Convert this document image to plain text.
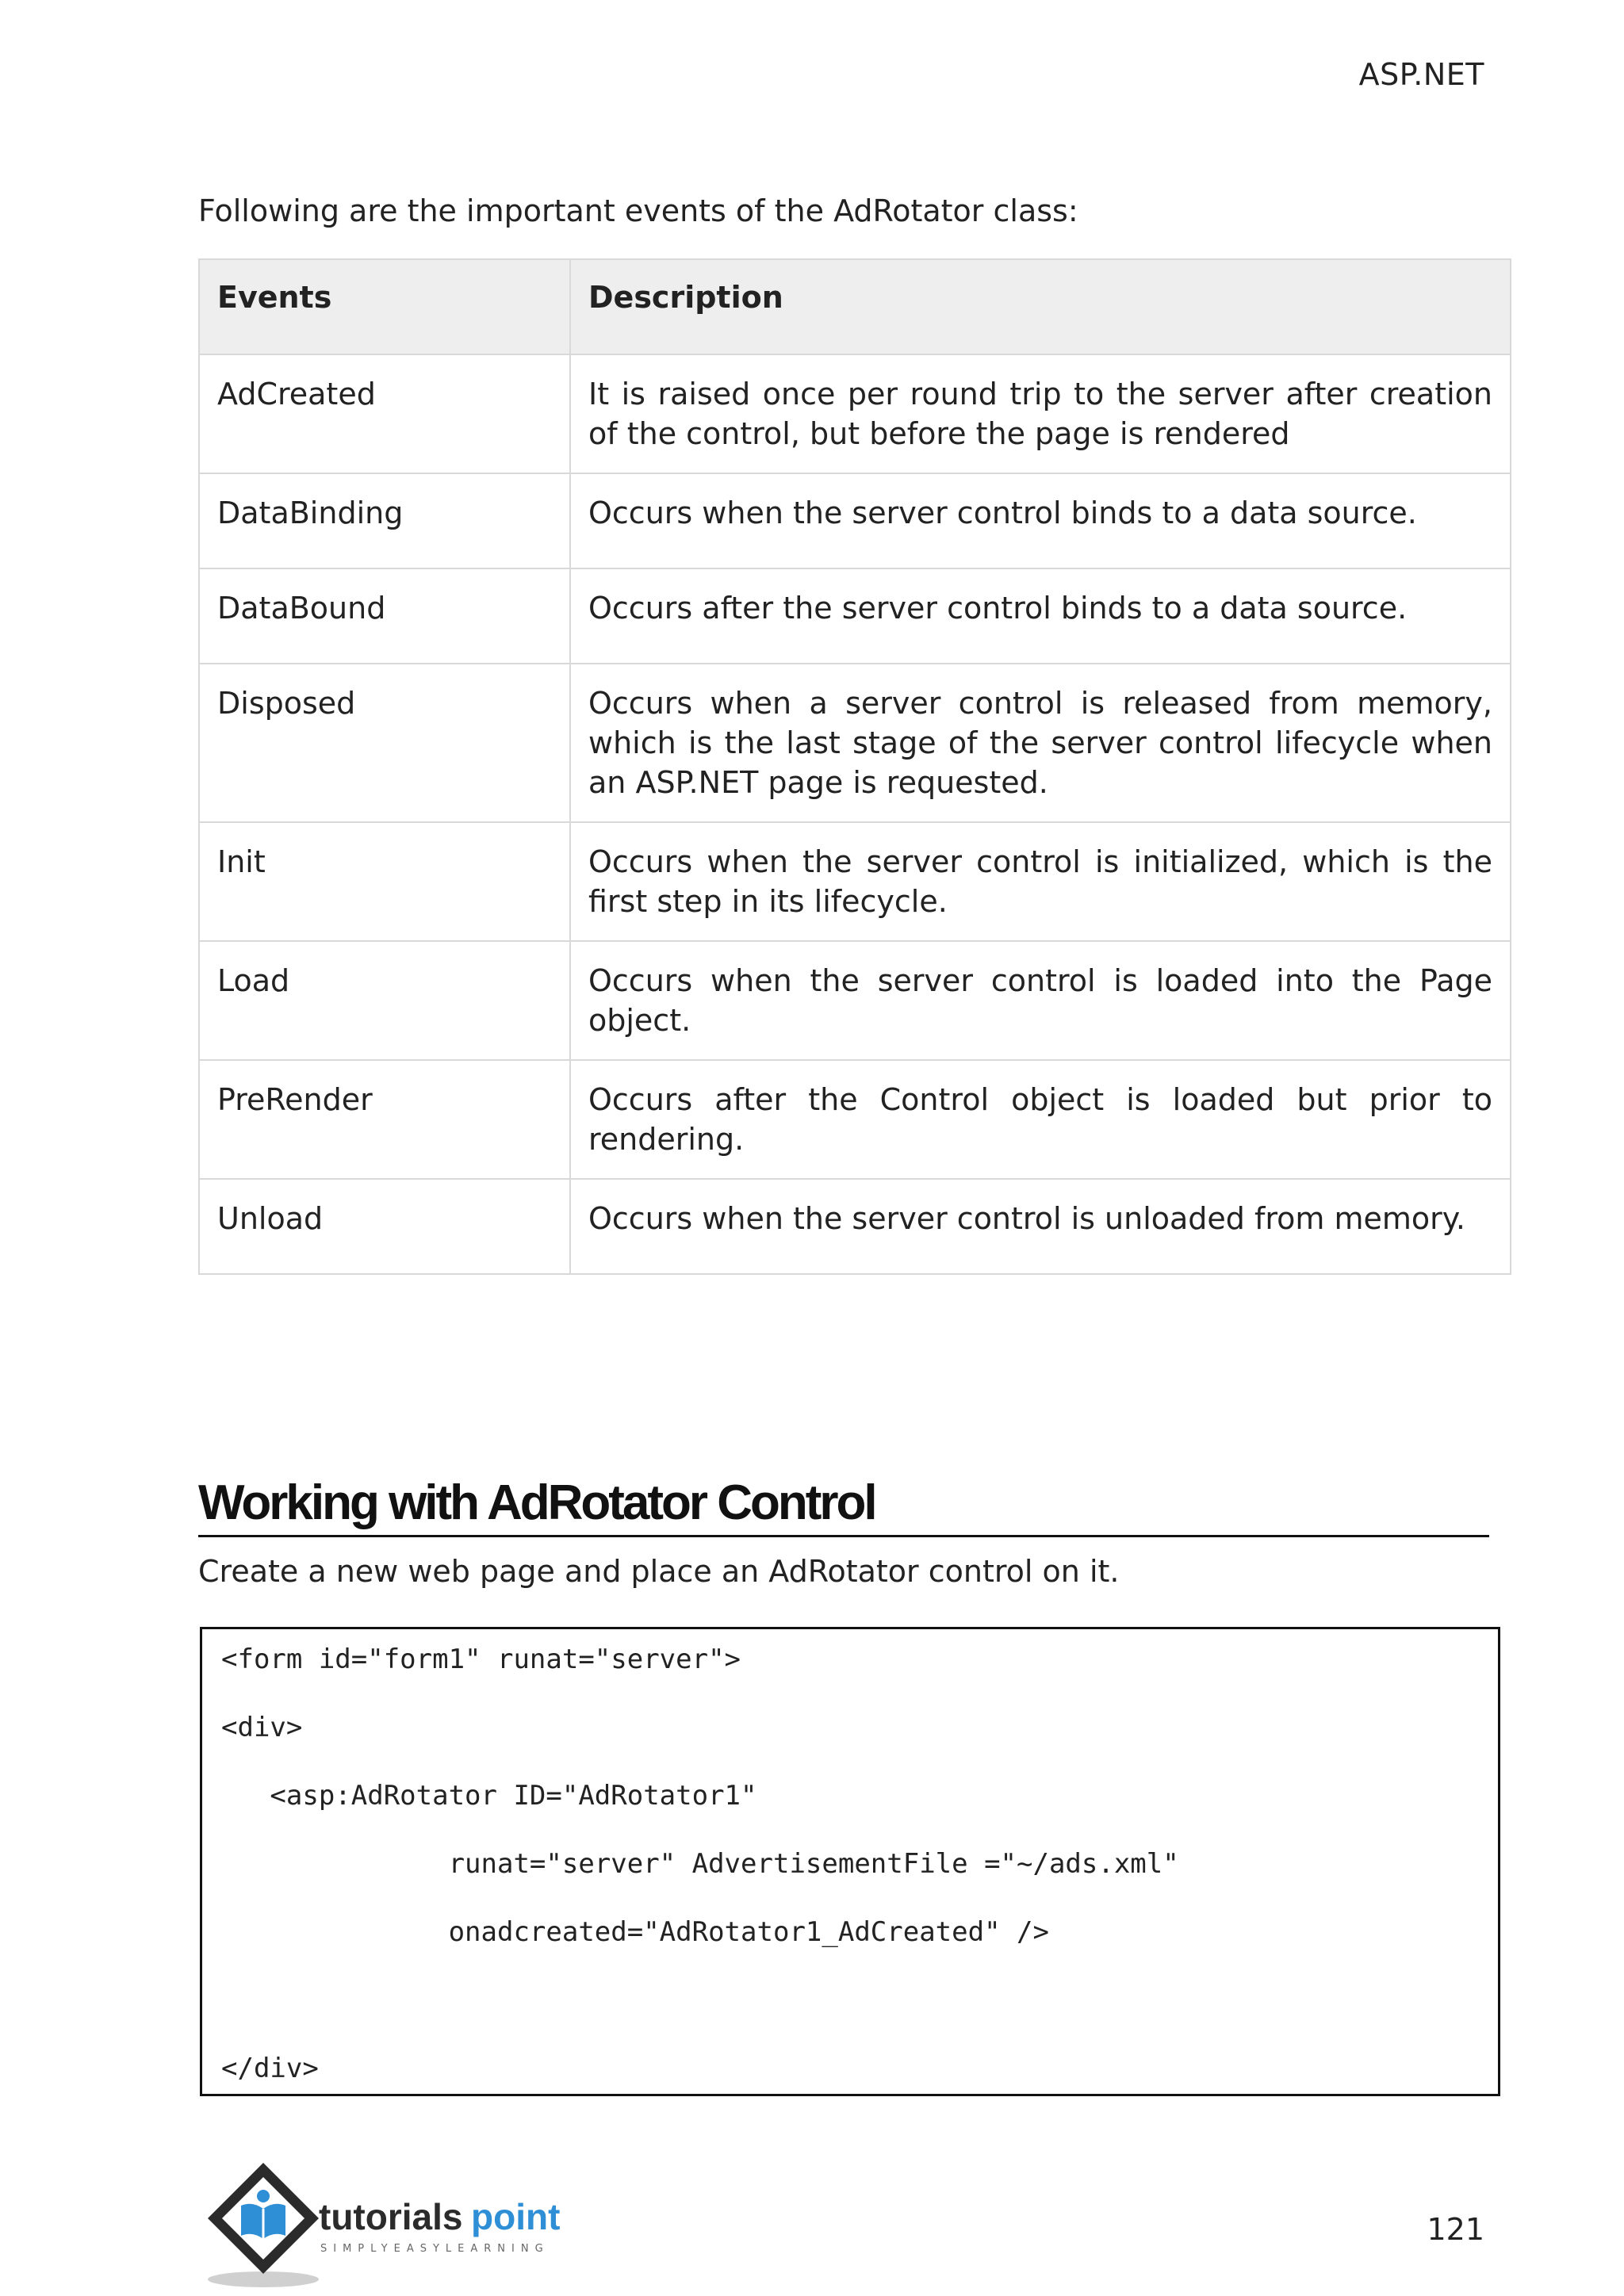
ASP.NET
Following are the important events of the AdRotator class:
Events	Description
AdCreated	It is raised once per round trip to the server after creation of the control, but before the page is rendered
DataBinding	Occurs when the server control binds to a data source.
DataBound	Occurs after the server control binds to a data source.
Disposed	Occurs when a server control is released from memory, which is the last stage of the server control lifecycle when an ASP.NET page is requested.
Init	Occurs when the server control is initialized, which is the first step in its lifecycle.
Load	Occurs when the server control is loaded into the Page object.
PreRender	Occurs after the Control object is loaded but prior to rendering.
Unload	Occurs when the server control is unloaded from memory.
Working with AdRotator Control
Create a new web page and place an AdRotator control on it.
<form id="form1" runat="server">
<div>
<asp:AdRotator ID="AdRotator1"
runat="server" AdvertisementFile ="~/ads.xml"
onadcreated="AdRotator1_AdCreated" />
</div>
tutorials point
SIMPLYEASYLEARNING
121
